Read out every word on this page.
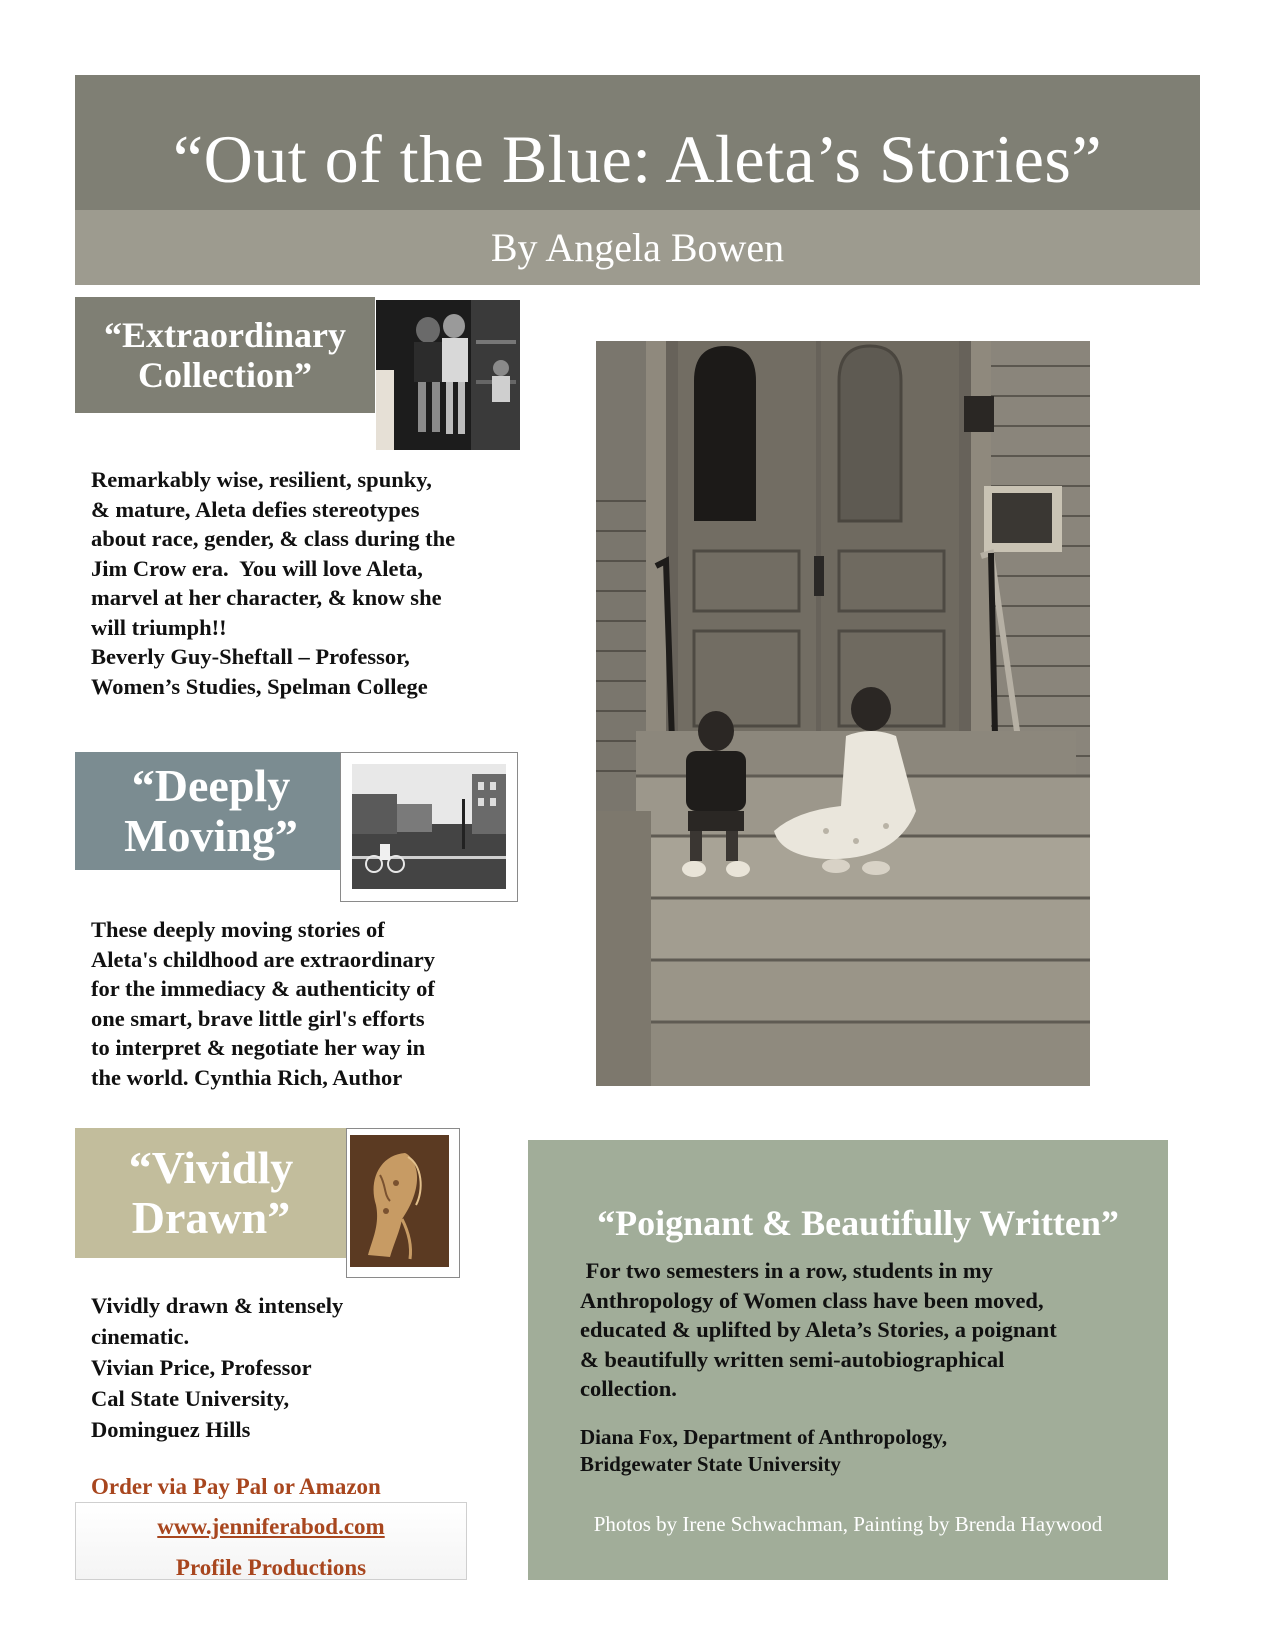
“Out of the Blue: Aleta’s Stories”
By Angela Bowen
“Extraordinary
Collection”
Remarkably wise, resilient, spunky,
& mature, Aleta defies stereotypes
about race, gender, & class during the
Jim Crow era.  You will love Aleta,
marvel at her character, & know she
will triumph!!
Beverly Guy-Sheftall – Professor,
Women’s Studies, Spelman College
“Deeply
Moving”
These deeply moving stories of
Aleta's childhood are extraordinary
for the immediacy & authenticity of
one smart, brave little girl's efforts
to interpret & negotiate her way in
the world. Cynthia Rich, Author
“Vividly
Drawn”
Vividly drawn & intensely
cinematic.
Vivian Price, Professor
Cal State University,
Dominguez Hills
Order via Pay Pal or Amazon
www.jenniferabod.com
Profile Productions
“Poignant & Beautifully Written”
For two semesters in a row, students in my
Anthropology of Women class have been moved,
educated & uplifted by Aleta’s Stories, a poignant
& beautifully written semi-autobiographical
collection.
Diana Fox, Department of Anthropology,
Bridgewater State University
Photos by Irene Schwachman, Painting by Brenda Haywood
